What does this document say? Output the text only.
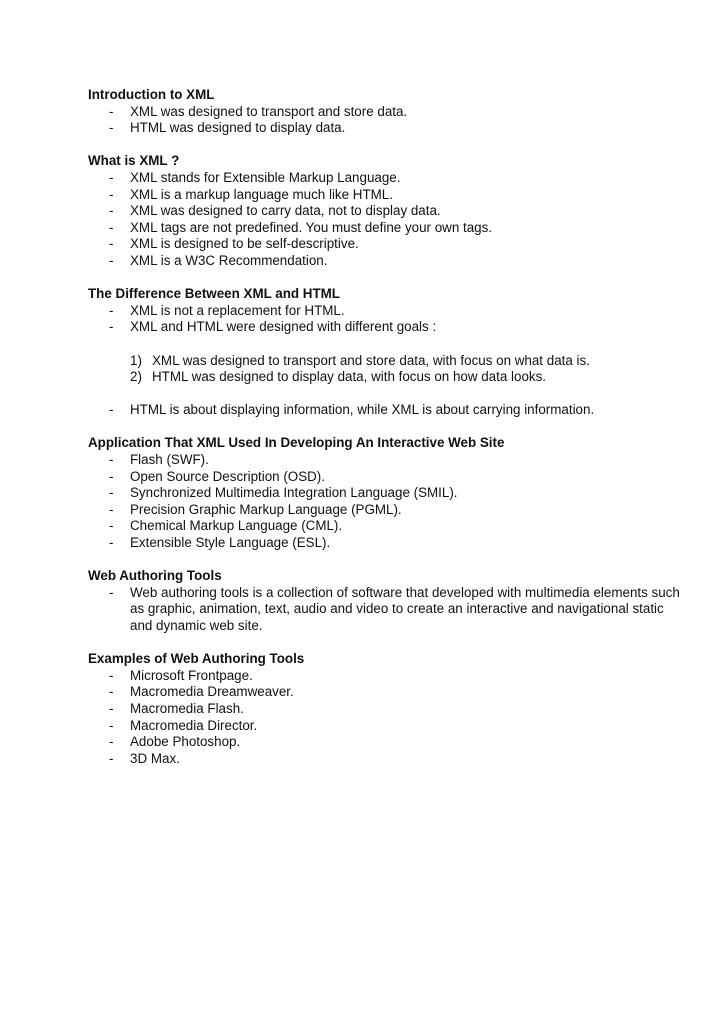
Introduction to XML
- XML was designed to transport and store data.
- HTML was designed to display data.
What is XML ?
- XML stands for Extensible Markup Language.
- XML is a markup language much like HTML.
- XML was designed to carry data, not to display data.
- XML tags are not predefined. You must define your own tags.
- XML is designed to be self-descriptive.
- XML is a W3C Recommendation.
The Difference Between XML and HTML
- XML is not a replacement for HTML.
- XML and HTML were designed with different goals :
1) XML was designed to transport and store data, with focus on what data is.
2) HTML was designed to display data, with focus on how data looks.
- HTML is about displaying information, while XML is about carrying information.
Application That XML Used In Developing An Interactive Web Site
- Flash (SWF).
- Open Source Description (OSD).
- Synchronized Multimedia Integration Language (SMIL).
- Precision Graphic Markup Language (PGML).
- Chemical Markup Language (CML).
- Extensible Style Language (ESL).
Web Authoring Tools
- Web authoring tools is a collection of software that developed with multimedia elements such as graphic, animation, text, audio and video to create an interactive and navigational static and dynamic web site.
Examples of Web Authoring Tools
- Microsoft Frontpage.
- Macromedia Dreamweaver.
- Macromedia Flash.
- Macromedia Director.
- Adobe Photoshop.
- 3D Max.
